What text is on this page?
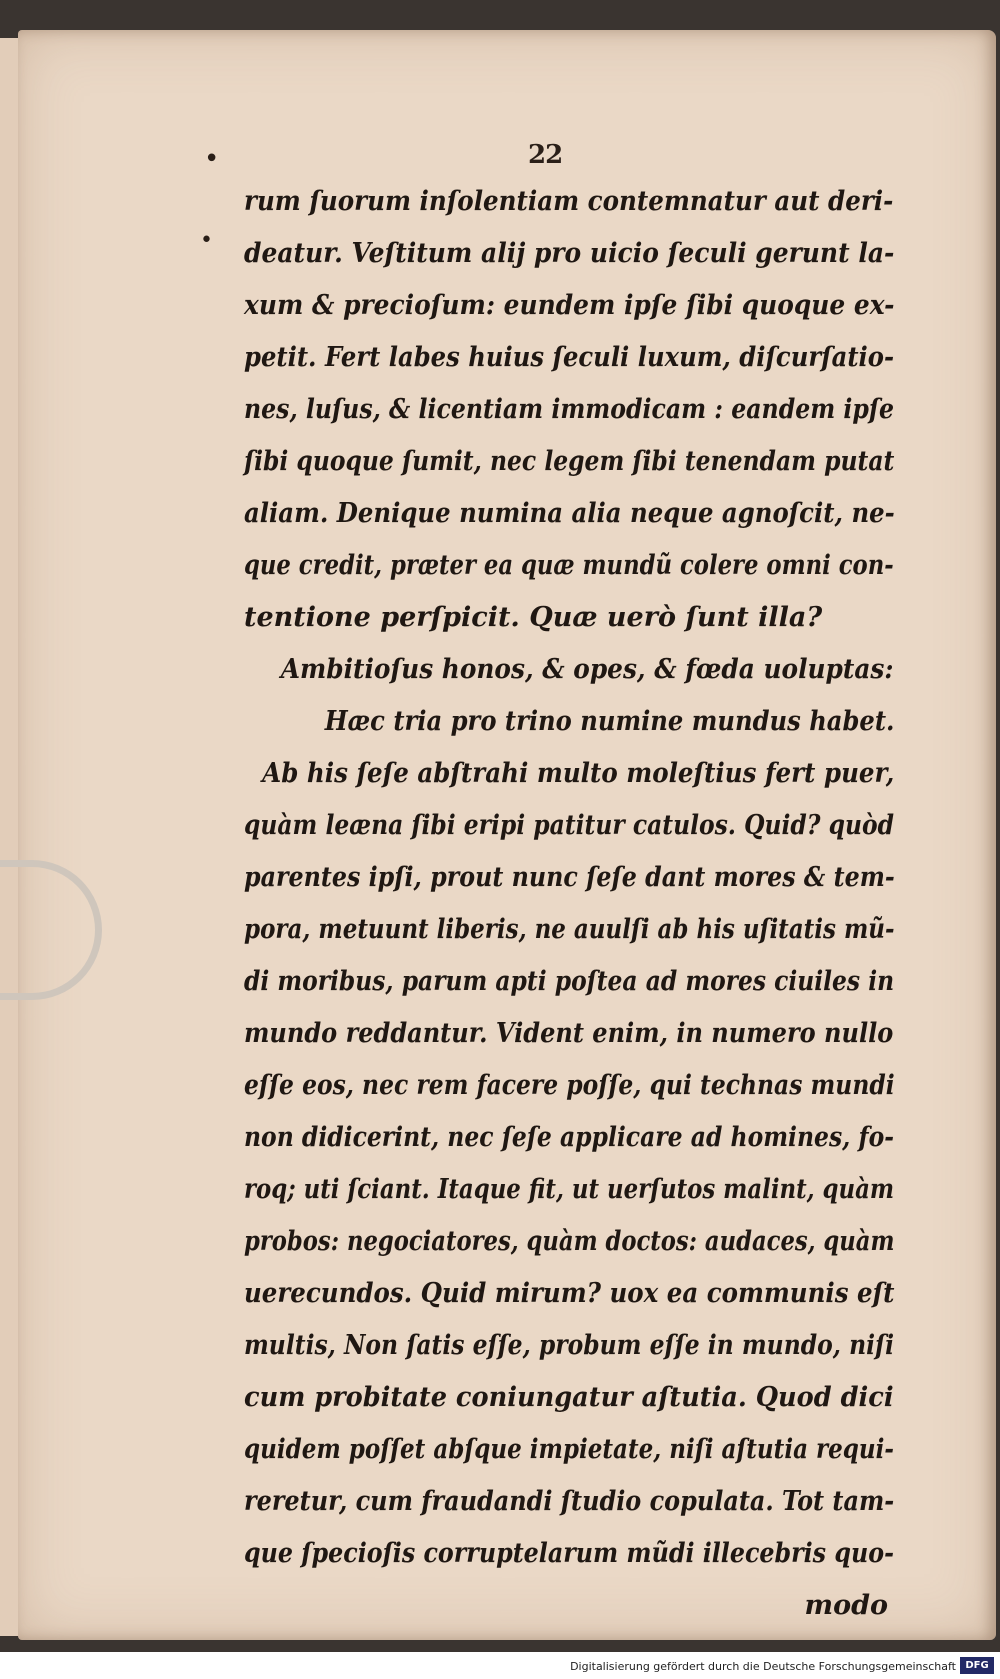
22
•
•
rum ſuorum inſolentiam contemnatur aut deri-
deatur. Veſtitum alij pro uicio ſeculi gerunt la-
xum & precioſum: eundem ipſe ſibi quoque ex-
petit. Fert labes huius ſeculi luxum, diſcurſatio-
nes, luſus, & licentiam immodicam : eandem ipſe
ſibi quoque ſumit, nec legem ſibi tenendam putat
aliam. Denique numina alia neque agnoſcit, ne-
que credit, præter ea quæ mundũ colere omni con-
tentione perſpicit. Quæ uerò ſunt illa?
Ambitioſus honos, & opes, & fœda uoluptas:
Hæc tria pro trino numine mundus habet.
Ab his ſeſe abſtrahi multo moleſtius fert puer,
quàm leæna ſibi eripi patitur catulos. Quid? quòd
parentes ipſi, prout nunc ſeſe dant mores & tem-
pora, metuunt liberis, ne auulſi ab his uſitatis mũ-
di moribus, parum apti poſtea ad mores ciuiles in
mundo reddantur. Vident enim, in numero nullo
eſſe eos, nec rem facere poſſe, qui technas mundi
non didicerint, nec ſeſe applicare ad homines, fo-
roq; uti ſciant. Itaque fit, ut uerſutos malint, quàm
probos: negociatores, quàm doctos: audaces, quàm
uerecundos. Quid mirum? uox ea communis eſt
multis, Non ſatis eſſe, probum eſſe in mundo, niſi
cum probitate coniungatur aſtutia. Quod dici
quidem poſſet abſque impietate, niſi aſtutia requi-
reretur, cum fraudandi ſtudio copulata. Tot tam-
que ſpecioſis corruptelarum mũdi illecebris quo-
modo
Digitalisierung gefördert durch die Deutsche Forschungsgemeinschaft DFG
